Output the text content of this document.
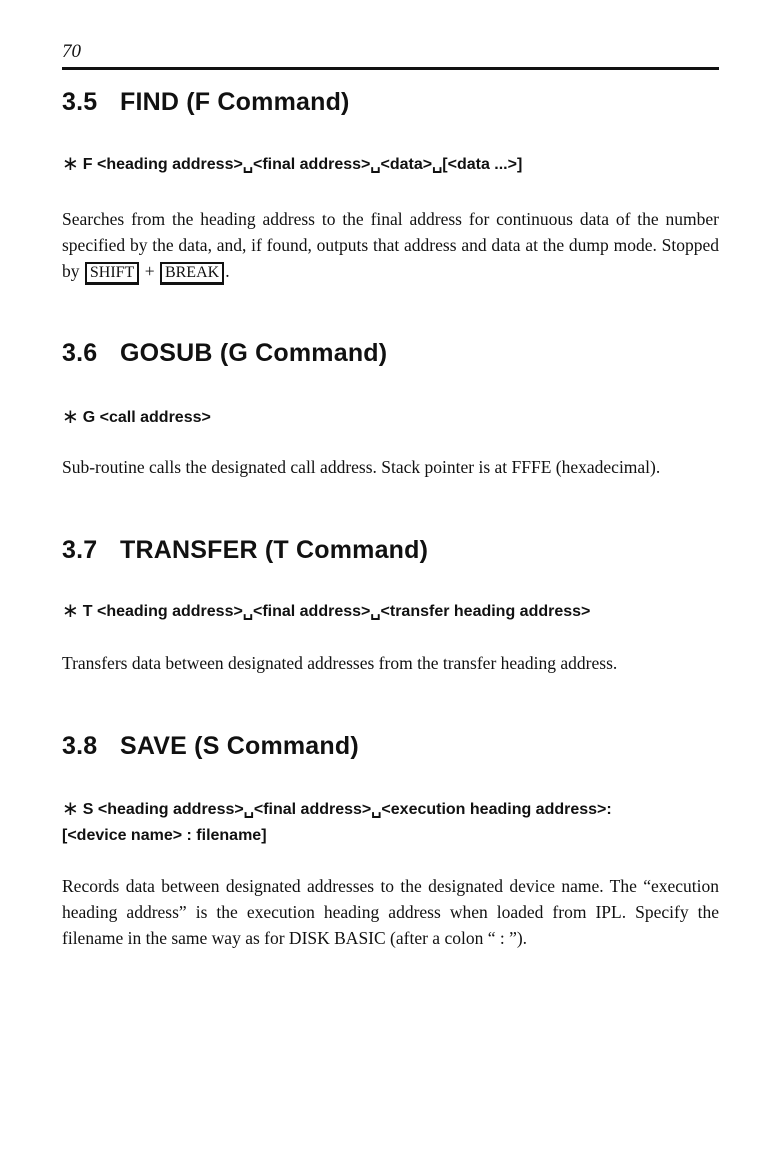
70
3.5 FIND (F Command)

∗ F <heading address>␣<final address>␣<data>␣[<data ...>]

Searches from the heading address to the final address for continuous data of the number specified by the data, and, if found, outputs that address and data at the dump mode. Stopped by SHIFT + BREAK .

3.6 GOSUB (G Command)

∗ G <call address>

Sub-routine calls the designated call address. Stack pointer is at FFFE (hexadecimal).

3.7 TRANSFER (T Command)

∗ T <heading address>␣<final address>␣<transfer heading address>

Transfers data between designated addresses from the transfer heading address.

3.8 SAVE (S Command)

∗ S <heading address>␣<final address>␣<execution heading address>:
[<device name> : filename]

Records data between designated addresses to the designated device name. The “execution heading address” is the execution heading address when loaded from IPL. Specify the filename in the same way as for DISK BASIC (after a colon “ : ”).
